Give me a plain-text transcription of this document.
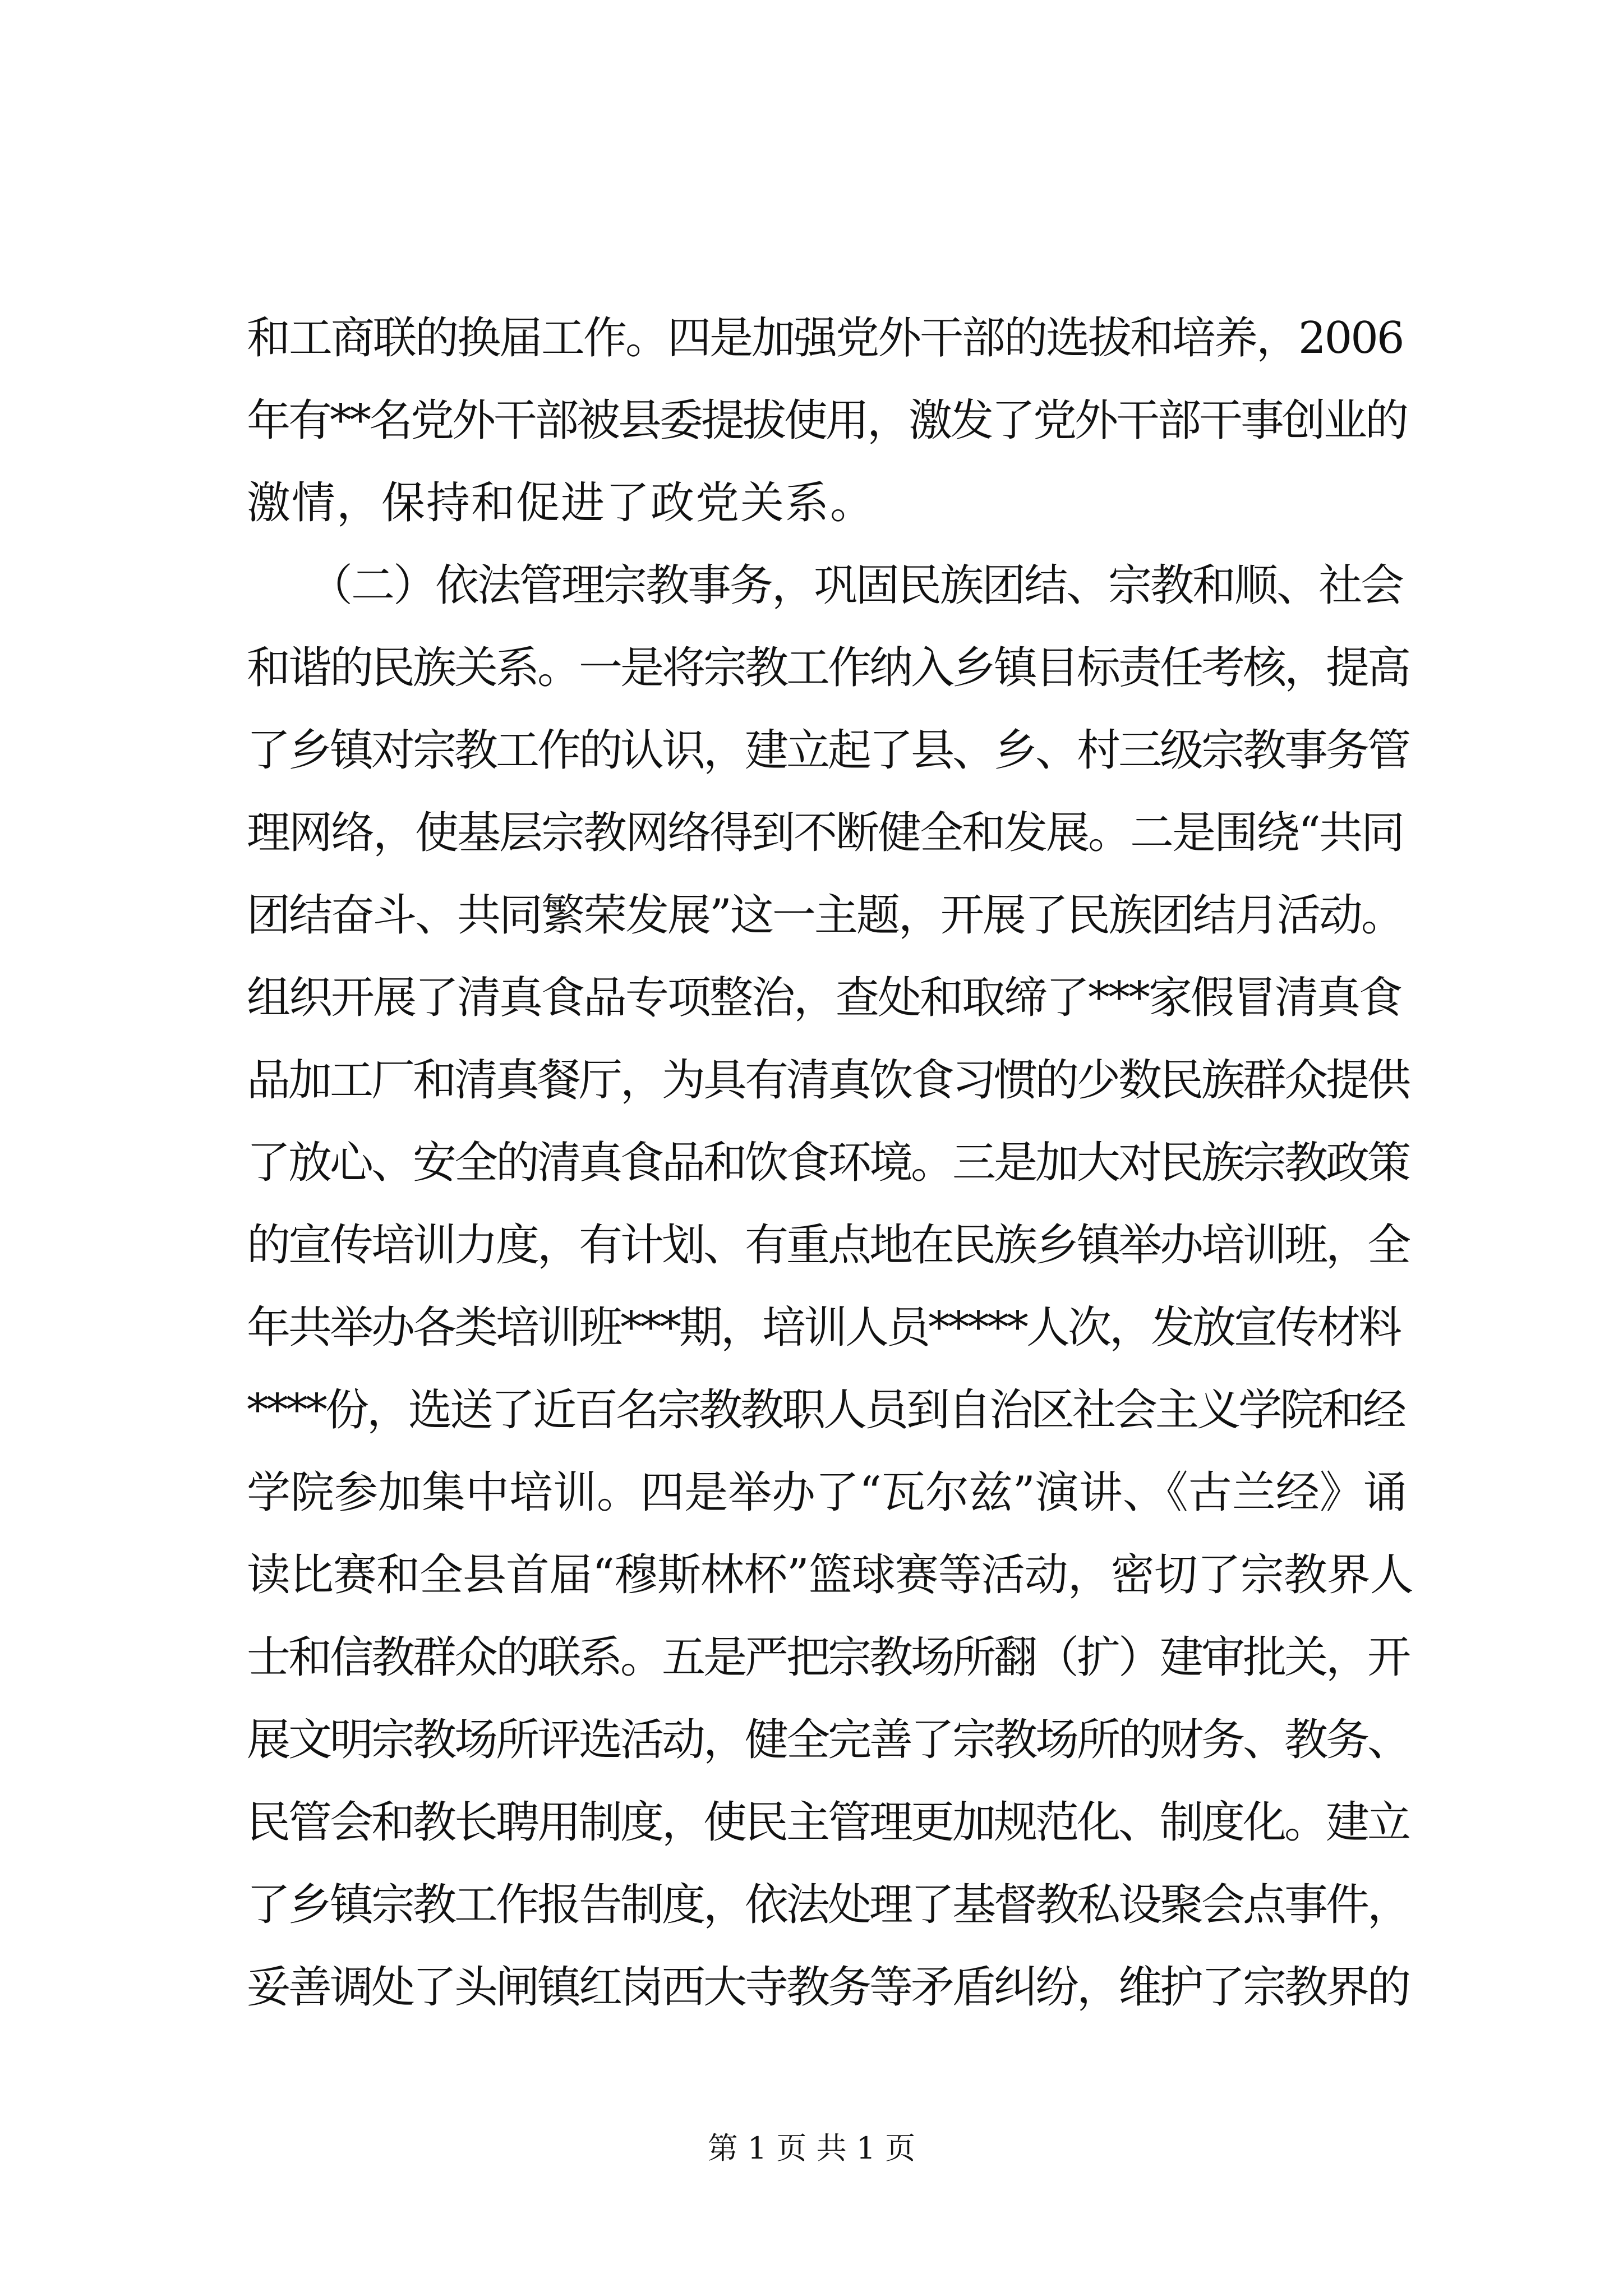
和工商联的换届工作。四是加强党外干部的选拔和培养，2006
年有**名党外干部被县委提拔使用，激发了党外干部干事创业的
激情，保持和促进了政党关系。
　　（二）依法管理宗教事务，巩固民族团结、宗教和顺、社会
和谐的民族关系。一是将宗教工作纳入乡镇目标责任考核，提高
了乡镇对宗教工作的认识，建立起了县、乡、村三级宗教事务管
理网络，使基层宗教网络得到不断健全和发展。二是围绕“共同
团结奋斗、共同繁荣发展”这一主题，开展了民族团结月活动。
组织开展了清真食品专项整治，查处和取缔了***家假冒清真食
品加工厂和清真餐厅，为具有清真饮食习惯的少数民族群众提供
了放心、安全的清真食品和饮食环境。三是加大对民族宗教政策
的宣传培训力度，有计划、有重点地在民族乡镇举办培训班，全
年共举办各类培训班***期，培训人员*****人次，发放宣传材料
****份，选送了近百名宗教教职人员到自治区社会主义学院和经
学院参加集中培训。四是举办了“瓦尔兹”演讲、《古兰经》诵
读比赛和全县首届“穆斯林杯”篮球赛等活动，密切了宗教界人
士和信教群众的联系。五是严把宗教场所翻（扩）建审批关，开
展文明宗教场所评选活动，健全完善了宗教场所的财务、教务、
民管会和教长聘用制度，使民主管理更加规范化、制度化。建立
了乡镇宗教工作报告制度，依法处理了基督教私设聚会点事件，
妥善调处了头闸镇红岗西大寺教务等矛盾纠纷，维护了宗教界的
第 1 页 共 1 页
